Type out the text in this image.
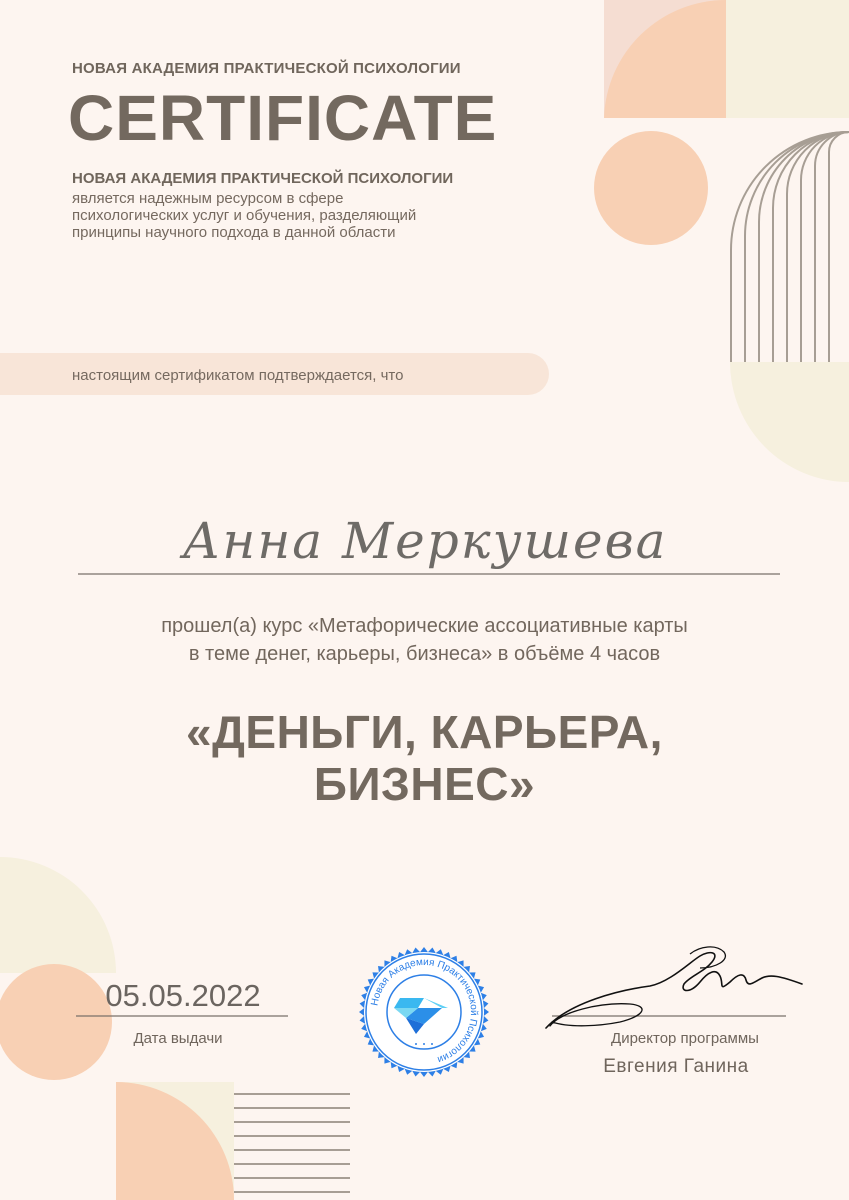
НОВАЯ АКАДЕМИЯ ПРАКТИЧЕСКОЙ ПСИХОЛОГИИ
CERTIFICATE
НОВАЯ АКАДЕМИЯ ПРАКТИЧЕСКОЙ ПСИХОЛОГИИ
является надежным ресурсом в сфере
психологических услуг и обучения, разделяющий
принципы научного подхода в данной области
настоящим сертификатом подтверждается, что
Анна Меркушева
прошел(а) курс «Метафорические ассоциативные карты
в теме денег, карьеры, бизнеса» в объёме 4 часов
«ДЕНЬГИ, КАРЬЕРА,
БИЗНЕС»
Новая Академия Практической Психологии
05.05.2022
Дата выдачи	Директор программы
Евгения Ганина
